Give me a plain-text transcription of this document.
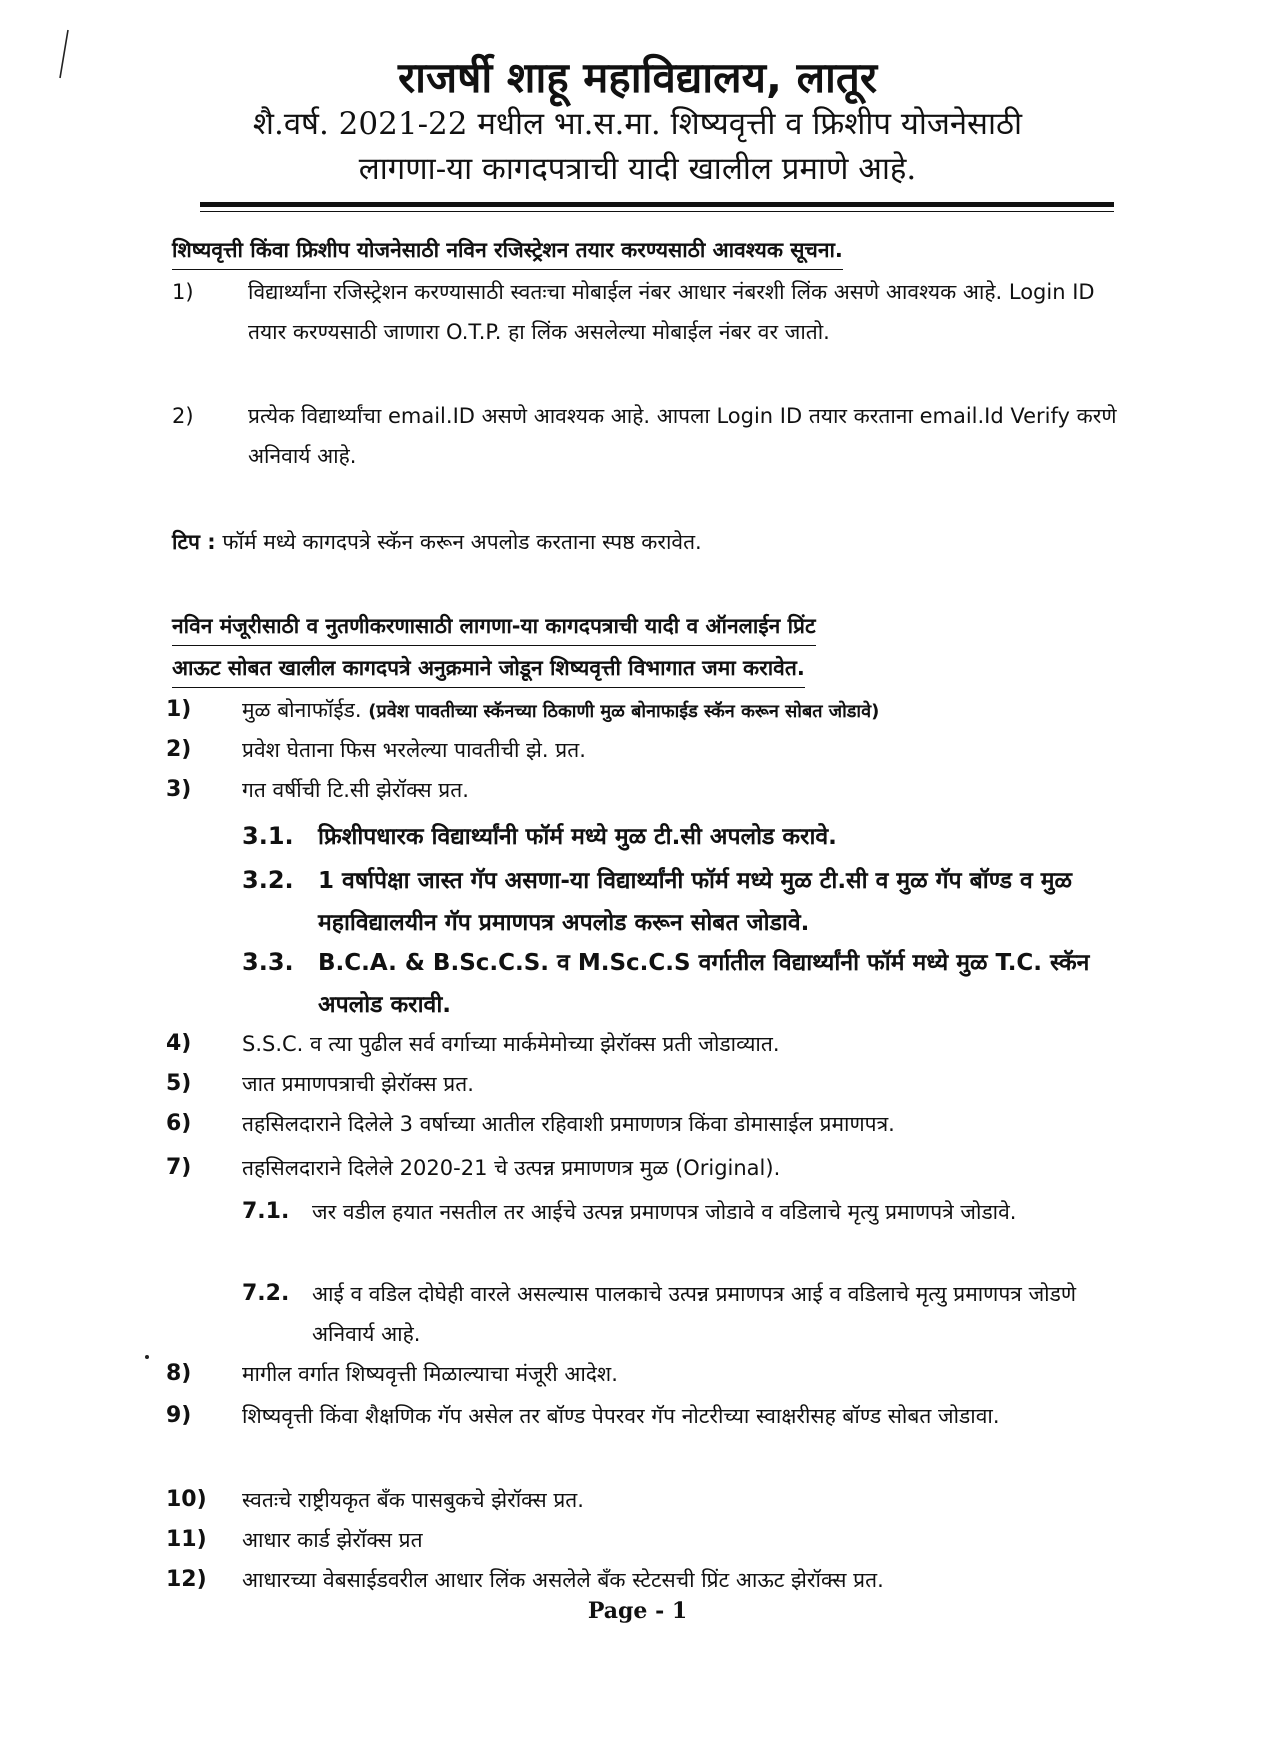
राजर्षी शाहू महाविद्यालय, लातूर
शै.वर्ष. 2021-22 मधील भा.स.मा. शिष्यवृत्ती व फ्रिशीप योजनेसाठी
लागणा-या कागदपत्राची यादी खालील प्रमाणे आहे.
शिष्यवृत्ती किंवा फ्रिशीप योजनेसाठी नविन रजिस्ट्रेशन तयार करण्यसाठी आवश्यक सूचना.
1)	विद्यार्थ्यांना रजिस्ट्रेशन करण्यासाठी स्वतःचा मोबाईल नंबर आधार नंबरशी लिंक असणे आवश्यक आहे. Login ID तयार करण्यसाठी जाणारा O.T.P. हा लिंक असलेल्या मोबाईल नंबर वर जातो.
2)	प्रत्येक विद्यार्थ्यांचा email.ID असणे आवश्यक आहे. आपला Login ID तयार करताना email.Id Verify करणे अनिवार्य आहे.
टिप : फॉर्म मध्ये कागदपत्रे स्कॅन करून अपलोड करताना स्पष्ठ करावेत.
नविन मंजूरीसाठी व नुतणीकरणासाठी लागणा-या कागदपत्राची यादी व ऑनलाईन प्रिंट
आऊट सोबत खालील कागदपत्रे अनुक्रमाने जोडून शिष्यवृत्ती विभागात जमा करावेत.
1) मुळ बोनाफॉईड. (प्रवेश पावतीच्या स्कॅनच्या ठिकाणी मुळ बोनाफाईड स्कॅन करून सोबत जोडावे)
2) प्रवेश घेताना फिस भरलेल्या पावतीची झे. प्रत.
3) गत वर्षीची टि.सी झेरॉक्स प्रत.
3.1. फ्रिशीपधारक विद्यार्थ्यांनी फॉर्म मध्ये मुळ टी.सी अपलोड करावे.
3.2. 1 वर्षापेक्षा जास्त गॅप असणा-या विद्यार्थ्यांनी फॉर्म मध्ये मुळ टी.सी व मुळ गॅप बॉण्ड व मुळ महाविद्यालयीन गॅप प्रमाणपत्र अपलोड करून सोबत जोडावे.
3.3. B.C.A. & B.Sc.C.S. व M.Sc.C.S वर्गातील विद्यार्थ्यांनी फॉर्म मध्ये मुळ T.C. स्कॅन अपलोड करावी.
4) S.S.C. व त्या पुढील सर्व वर्गाच्या मार्कमेमोच्या झेरॉक्स प्रती जोडाव्यात.
5) जात प्रमाणपत्राची झेरॉक्स प्रत.
6) तहसिलदाराने दिलेले 3 वर्षाच्या आतील रहिवाशी प्रमाणणत्र किंवा डोमासाईल प्रमाणपत्र.
7) तहसिलदाराने दिलेले 2020-21 चे उत्पन्न प्रमाणणत्र मुळ (Original).
7.1. जर वडील हयात नसतील तर आईचे उत्पन्न प्रमाणपत्र जोडावे व वडिलाचे मृत्यु प्रमाणपत्रे जोडावे.
7.2. आई व वडिल दोघेही वारले असल्यास पालकाचे उत्पन्न प्रमाणपत्र आई व वडिलाचे मृत्यु प्रमाणपत्र जोडणे अनिवार्य आहे.
8) मागील वर्गात शिष्यवृत्ती मिळाल्याचा मंजूरी आदेश.
9) शिष्यवृत्ती किंवा शैक्षणिक गॅप असेल तर बॉण्ड पेपरवर गॅप नोटरीच्या स्वाक्षरीसह बॉण्ड सोबत जोडावा.
10) स्वतःचे राष्ट्रीयकृत बँक पासबुकचे झेरॉक्स प्रत.
11) आधार कार्ड झेरॉक्स प्रत
12) आधारच्या वेबसाईडवरील आधार लिंक असलेले बँक स्टेटसची प्रिंट आऊट झेरॉक्स प्रत.
Page - 1
